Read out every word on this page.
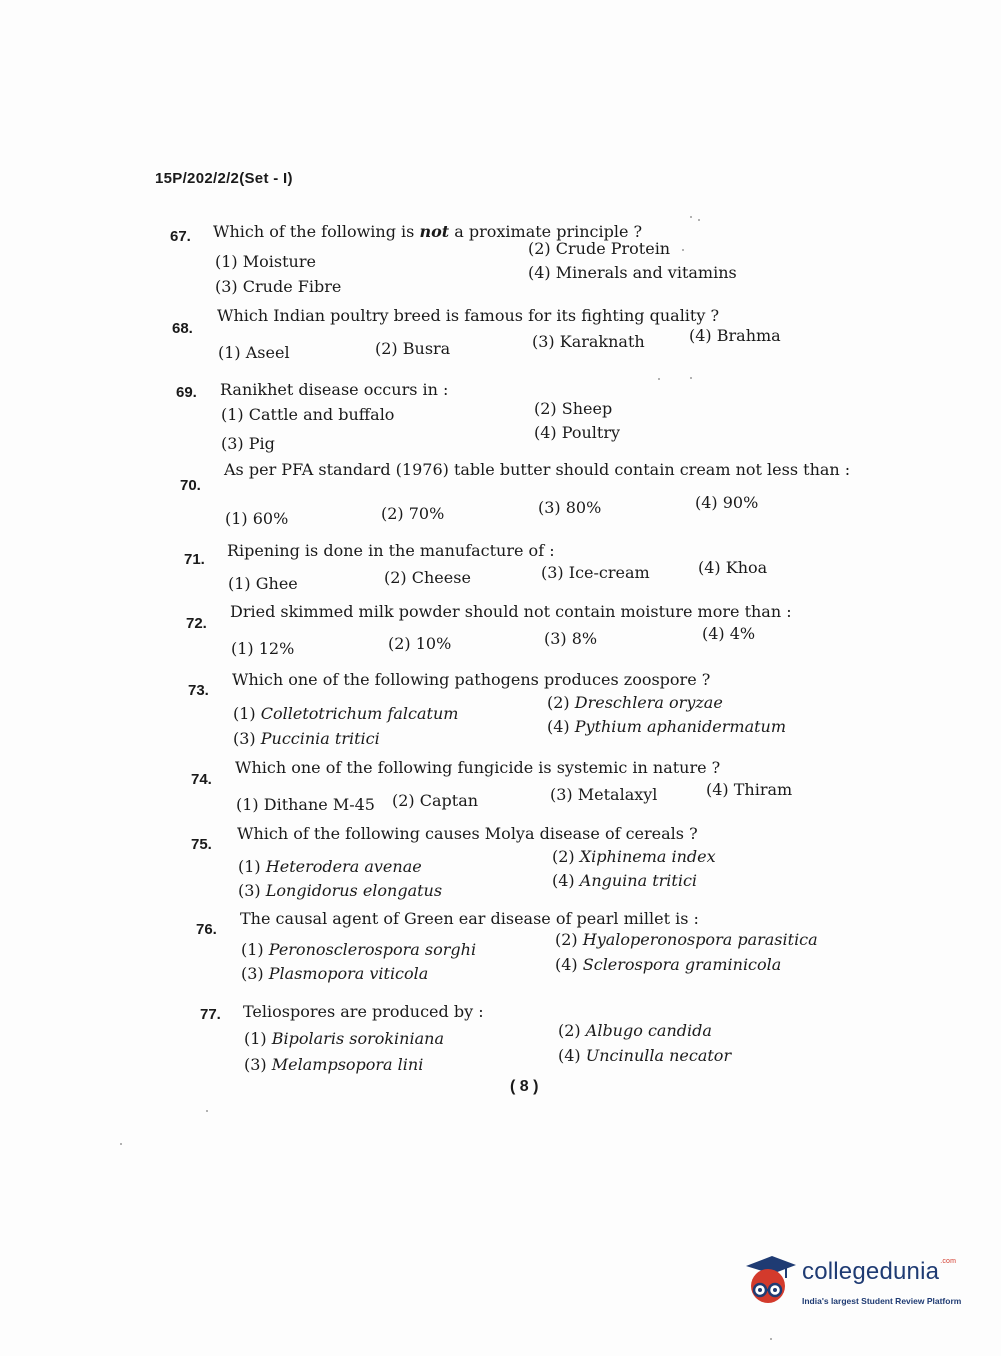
15P/202/2/2(Set - I)
67. Which of the following is not a proximate principle ?
(1) Moisture
(2) Crude Protein
(3) Crude Fibre
(4) Minerals and vitamins
68.
Which Indian poultry breed is famous for its fighting quality ?
(1) Aseel	(2) Busra	(3) Karaknath	(4) Brahma
69. Ranikhet disease occurs in :
(1) Cattle and buffalo	(2) Sheep
(3) Pig
(4) Poultry
70.
As per PFA standard (1976) table butter should contain cream not less than :
(1) 60%	(2) 70%	(3) 80%	(4) 90%
71. Ripening is done in the manufacture of :
(1) Ghee	(2) Cheese	(3) Ice-cream	(4) Khoa
72.
Dried skimmed milk powder should not contain moisture more than :
(1) 12%	(2) 10%	(3) 8%	(4) 4%
73.
Which one of the following pathogens produces zoospore ?
(1) Colletotrichum falcatum
(2) Dreschlera oryzae
(3) Puccinia tritici
(4) Pythium aphanidermatum
74.
Which one of the following fungicide is systemic in nature ?
(1) Dithane M-45 (2) Captan	(3) Metalaxyl	(4) Thiram
75.
Which of the following causes Molya disease of cereals ?
(1) Heterodera avenae
(2) Xiphinema index
(3) Longidorus elongatus
(4) Anguina tritici
76.
The causal agent of Green ear disease of pearl millet is :
(1) Peronosclerospora sorghi
(2) Hyaloperonospora parasitica
(3) Plasmopora viticola	(4) Sclerospora graminicola
77. Teliospores are produced by :
(1) Bipolaris sorokiniana	(2) Albugo candida
(3) Melampsopora lini	(4) Uncinulla necator
( 8 )
collegedunia$^{.com}$
India's largest Student Review Platform
